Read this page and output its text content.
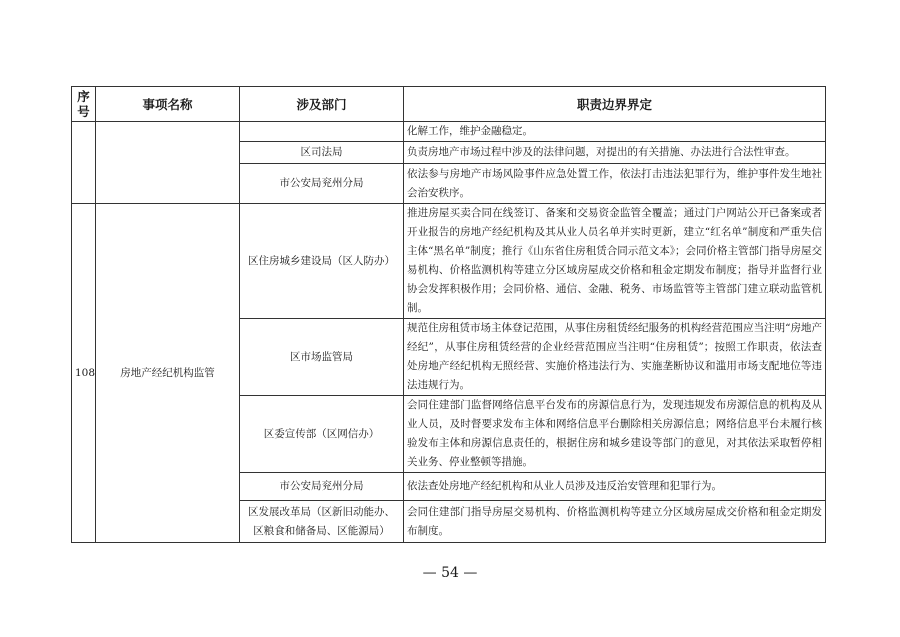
序号	事项名称	涉及部门	职责边界界定
			化解工作，维护金融稳定。
		区司法局	负责房地产市场过程中涉及的法律问题，对提出的有关措施、办法进行合法性审查。
		市公安局兖州分局	依法参与房地产市场风险事件应急处置工作，依法打击违法犯罪行为，维护事件发生地社会治安秩序。
108	房地产经纪机构监管	区住房城乡建设局（区人防办）	推进房屋买卖合同在线签订、备案和交易资金监管全覆盖；通过门户网站公开已备案或者开业报告的房地产经纪机构及其从业人员名单并实时更新，建立“红名单”制度和严重失信主体“黑名单”制度；推行《山东省住房租赁合同示范文本》；会同价格主管部门指导房屋交易机构、价格监测机构等建立分区域房屋成交价格和租金定期发布制度；指导并监督行业协会发挥积极作用；会同价格、通信、金融、税务、市场监管等主管部门建立联动监管机制。
		区市场监管局	规范住房租赁市场主体登记范围，从事住房租赁经纪服务的机构经营范围应当注明“房地产经纪”，从事住房租赁经营的企业经营范围应当注明“住房租赁”；按照工作职责，依法查处房地产经纪机构无照经营、实施价格违法行为、实施垄断协议和滥用市场支配地位等违法违规行为。
		区委宣传部（区网信办）	会同住建部门监督网络信息平台发布的房源信息行为，发现违规发布房源信息的机构及从业人员，及时督要求发布主体和网络信息平台删除相关房源信息；网络信息平台未履行核验发布主体和房源信息责任的，根据住房和城乡建设等部门的意见，对其依法采取暂停相关业务、停业整顿等措施。
		市公安局兖州分局	依法查处房地产经纪机构和从业人员涉及违反治安管理和犯罪行为。
		区发展改革局（区新旧动能办、区粮食和储备局、区能源局）	会同住建部门指导房屋交易机构、价格监测机构等建立分区域房屋成交价格和租金定期发布制度。
— 54 —
